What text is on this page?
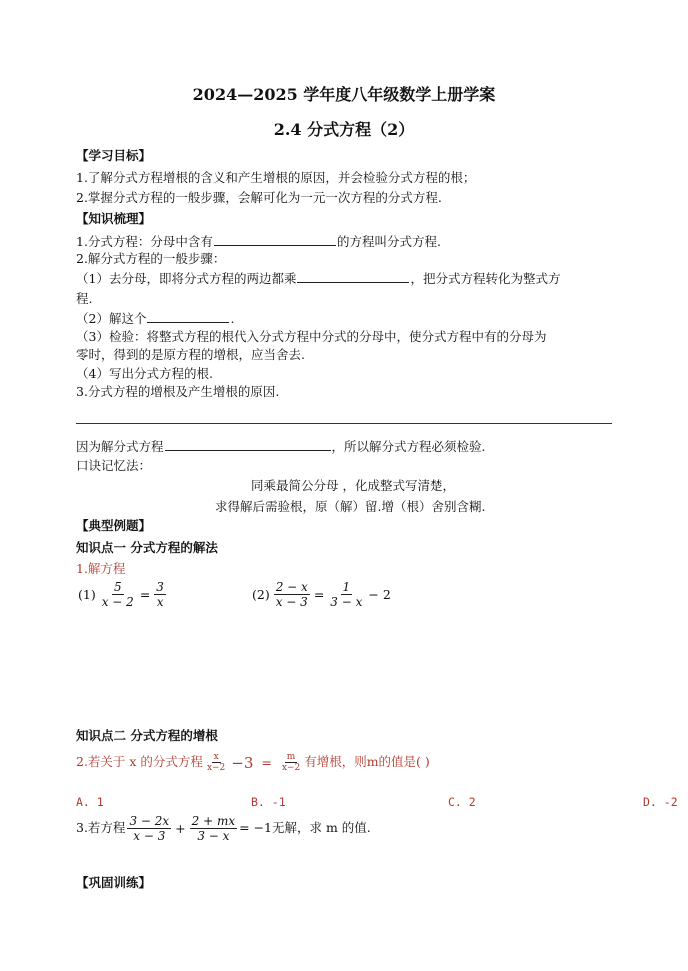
2024—2025 学年度八年级数学上册学案
2.4 分式方程（2）
【学习目标】
1.了解分式方程增根的含义和产生增根的原因，并会检验分式方程的根；
2.掌握分式方程的一般步骤，会解可化为一元一次方程的分式方程.
【知识梳理】
1.分式方程：分母中含有	的方程叫分式方程.
2.解分式方程的一般步骤：
（1）去分母，即将分式方程的两边都乘	，把分式方程转化为整式方
程.
（2）解这个	.
（3）检验：将整式方程的根代入分式方程中分式的分母中，使分式方程中有的分母为
零时，得到的是原方程的增根，应当舍去.
（4）写出分式方程的根.
3.分式方程的增根及产生增根的原因.
因为解分式方程	，所以解分式方程必须检验.
口诀记忆法：
同乘最简公分母 ，化成整式写清楚，
求得解后需验根，原（解）留.增（根）舍别含糊.
【典型例题】
知识点一 分式方程的解法
1.解方程
$(1) \frac{5}{x - 2} = \frac{3}{x}$	$(2) \frac{2 - x}{x - 3} = \frac{1}{3 - x} - 2$
知识点二 分式方程的增根
2.若关于 x 的分式方程 $\frac{x}{x-2} -3 = \frac{m}{x-2}$ 有增根，则m的值是( )
A. 1	B. -1	C. 2	D. -2
3.若方程 $\frac{3 - 2x}{x - 3} + \frac{2 + mx}{3 - x} = -1$无解，求 m 的值.
【巩固训练】
